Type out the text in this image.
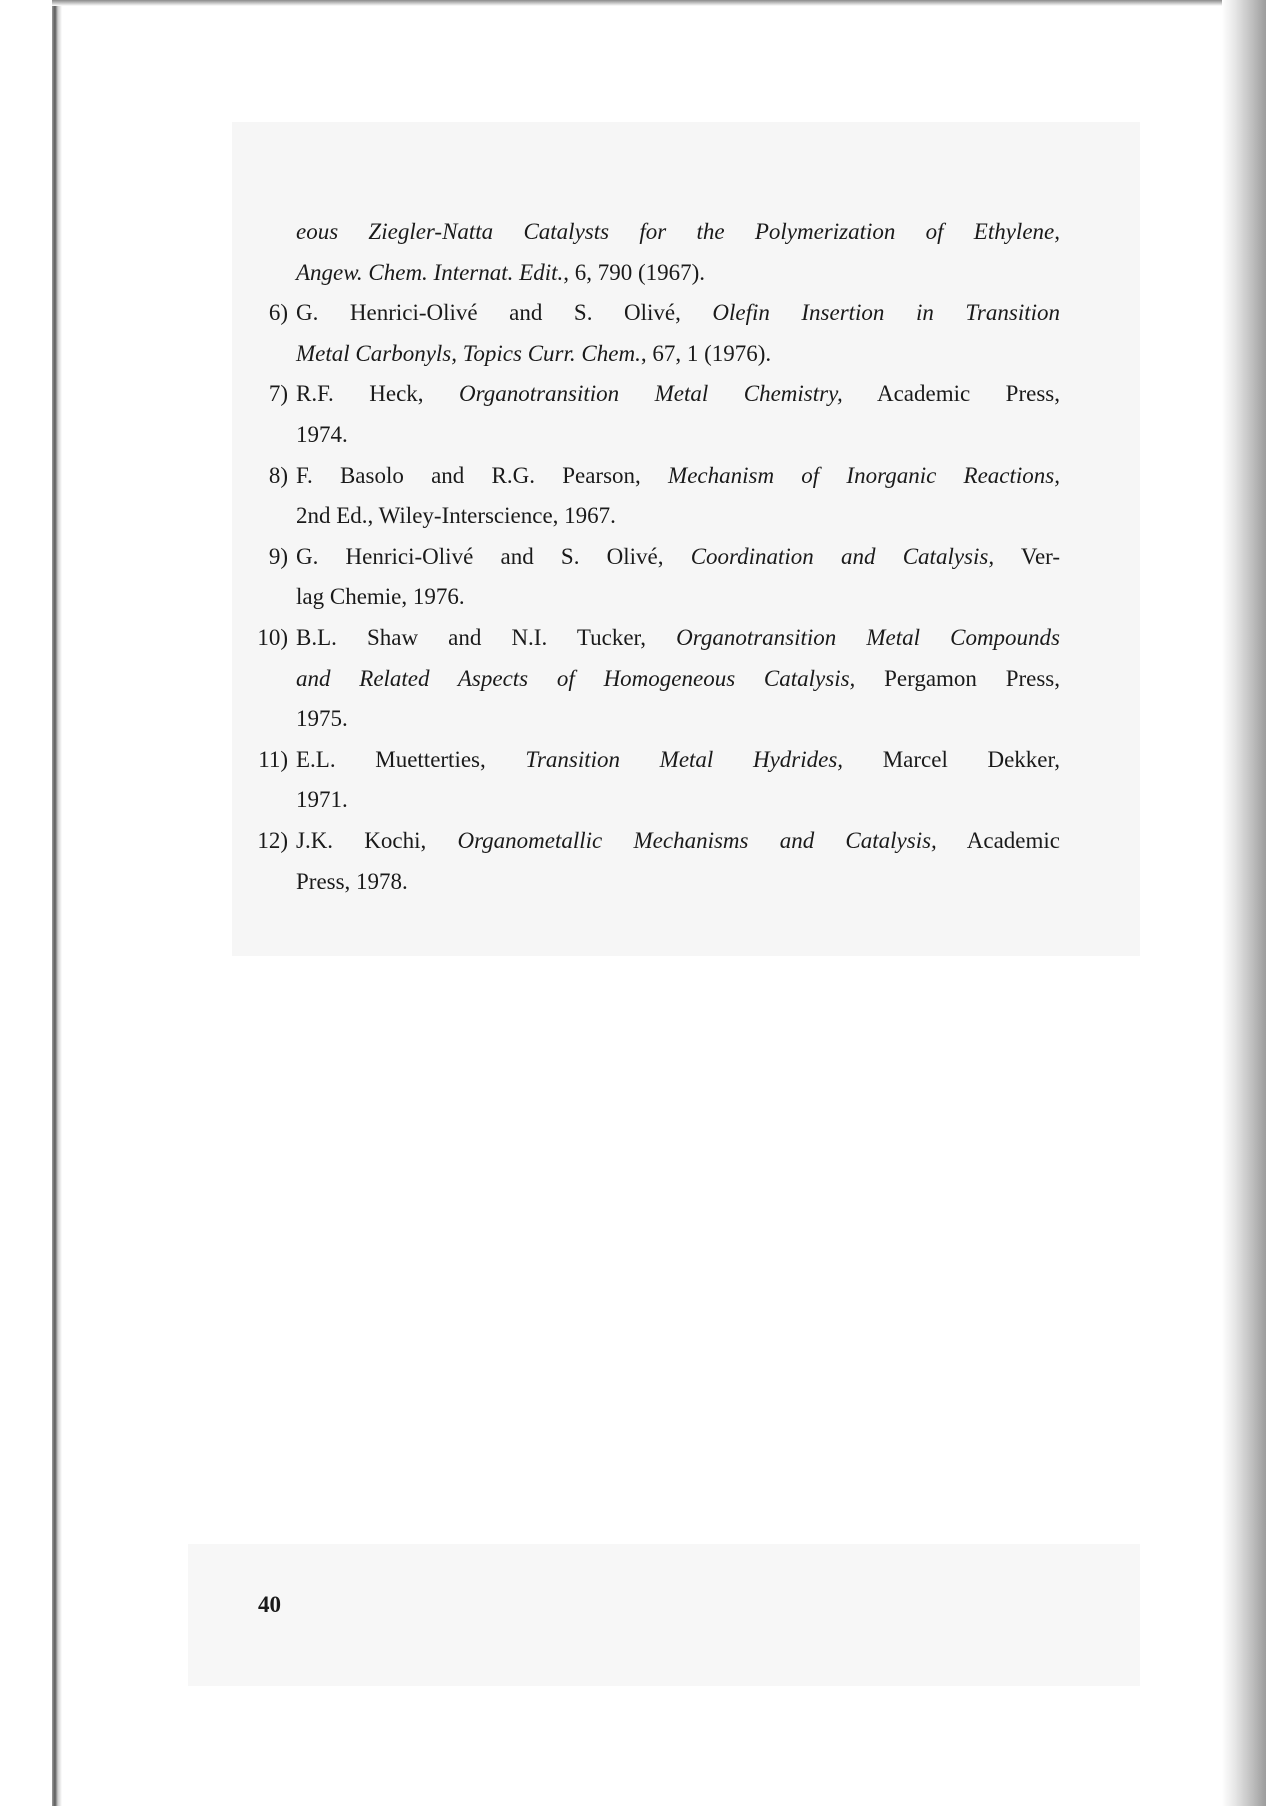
eous Ziegler-Natta Catalysts for the Polymerization of Ethylene,
Angew. Chem. Internat. Edit., 6, 790 (1967).
6) G. Henrici-Olivé and S. Olivé, Olefin Insertion in Transition
Metal Carbonyls, Topics Curr. Chem., 67, 1 (1976).
7) R.F. Heck, Organotransition Metal Chemistry, Academic Press,
1974.
8) F. Basolo and R.G. Pearson, Mechanism of Inorganic Reactions,
2nd Ed., Wiley-Interscience, 1967.
9) G. Henrici-Olivé and S. Olivé, Coordination and Catalysis, Ver-
lag Chemie, 1976.
10) B.L. Shaw and N.I. Tucker, Organotransition Metal Compounds
and Related Aspects of Homogeneous Catalysis, Pergamon Press,
1975.
11) E.L. Muetterties, Transition Metal Hydrides, Marcel Dekker,
1971.
12) J.K. Kochi, Organometallic Mechanisms and Catalysis, Academic
Press, 1978.
40
